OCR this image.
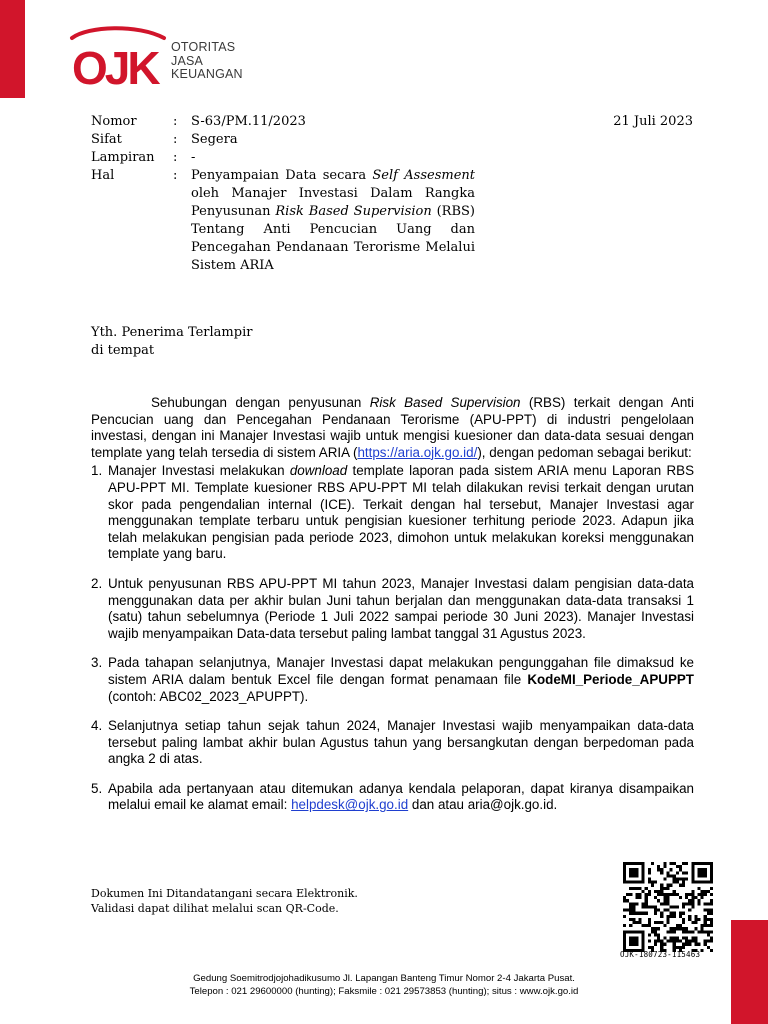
OJK OTORITAS
JASA
KEUANGAN
Nomor	:	S-63/PM.11/2023
Sifat	:	Segera
Lampiran	:	-
Hal	:	Penyampaian Data secara Self Assesment oleh Manajer Investasi Dalam Rangka Penyusunan Risk Based Supervision (RBS) Tentang Anti Pencucian Uang dan Pencegahan Pendanaan Terorisme Melalui Sistem ARIA
21 Juli 2023
Yth. Penerima Terlampir
di tempat

Sehubungan dengan penyusunan Risk Based Supervision (RBS) terkait dengan Anti Pencucian uang dan Pencegahan Pendanaan Terorisme (APU-PPT) di industri pengelolaan investasi, dengan ini Manajer Investasi wajib untuk mengisi kuesioner dan data-data sesuai dengan template yang telah tersedia di sistem ARIA (https://aria.ojk.go.id/), dengan pedoman sebagai berikut:

1. Manajer Investasi melakukan download template laporan pada sistem ARIA menu Laporan RBS APU-PPT MI. Template kuesioner RBS APU-PPT MI telah dilakukan revisi terkait dengan urutan skor pada pengendalian internal (ICE). Terkait dengan hal tersebut, Manajer Investasi agar menggunakan template terbaru untuk pengisian kuesioner terhitung periode 2023. Adapun jika telah melakukan pengisian pada periode 2023, dimohon untuk melakukan koreksi menggunakan template yang baru.
2. Untuk penyusunan RBS APU-PPT MI tahun 2023, Manajer Investasi dalam pengisian data-data menggunakan data per akhir bulan Juni tahun berjalan dan menggunakan data-data transaksi 1 (satu) tahun sebelumnya (Periode 1 Juli 2022 sampai periode 30 Juni 2023). Manajer Investasi wajib menyampaikan Data-data tersebut paling lambat tanggal 31 Agustus 2023.
3. Pada tahapan selanjutnya, Manajer Investasi dapat melakukan pengunggahan file dimaksud ke sistem ARIA dalam bentuk Excel file dengan format penamaan file KodeMI_Periode_APUPPT (contoh: ABC02_2023_APUPPT).
4. Selanjutnya setiap tahun sejak tahun 2024, Manajer Investasi wajib menyampaikan data-data tersebut paling lambat akhir bulan Agustus tahun yang bersangkutan dengan berpedoman pada angka 2 di atas.
5. Apabila ada pertanyaan atau ditemukan adanya kendala pelaporan, dapat kiranya disampaikan melalui email ke alamat email: helpdesk@ojk.go.id dan atau aria@ojk.go.id.
Dokumen Ini Ditandatangani secara Elektronik.
Validasi dapat dilihat melalui scan QR-Code.
OJK-180723-115463
Gedung Soemitrodjojohadikusumo Jl. Lapangan Banteng Timur Nomor 2-4 Jakarta Pusat.
Telepon : 021 29600000 (hunting); Faksmile : 021 29573853 (hunting); situs : www.ojk.go.id
